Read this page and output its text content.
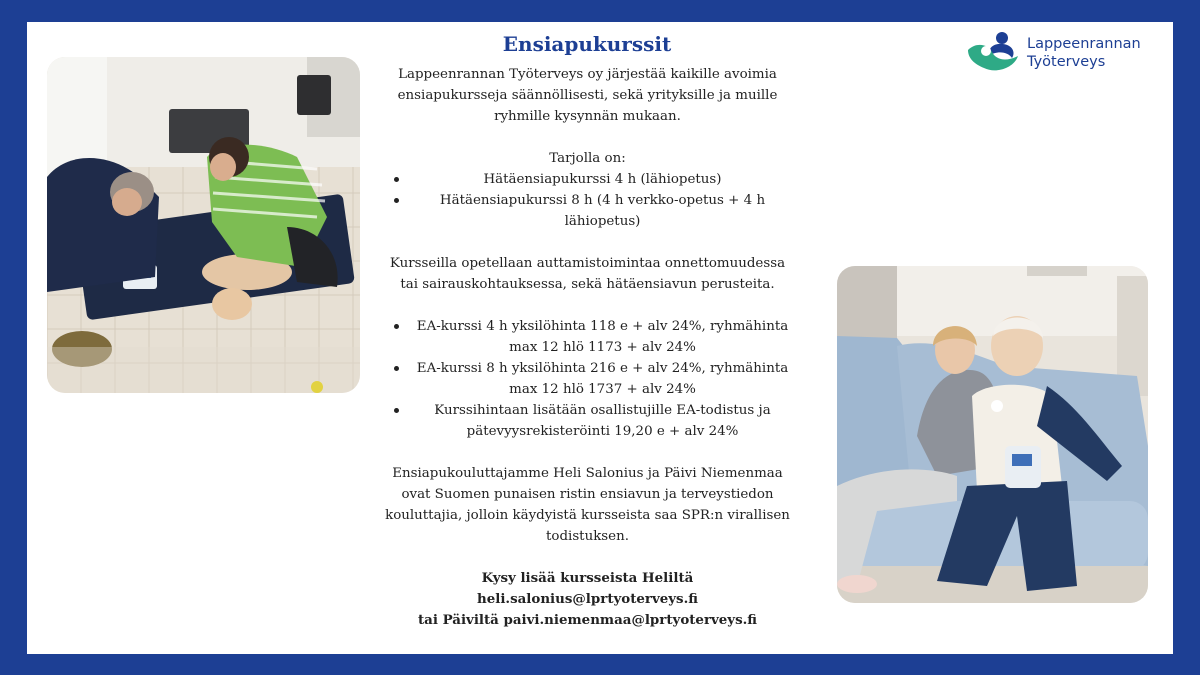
Ensiapukurssit	Lappeenrannan
Työterveys

Lappeenrannan Työterveys oy järjestää kaikille avoimia ensiapukursseja säännöllisesti, sekä yrityksille ja muille ryhmille kysynnän mukaan.

Tarjolla on:

Hätäensiapukurssi 4 h (lähiopetus)
Hätäensiapukurssi 8 h (4 h verkko-opetus + 4 h lähiopetus)

Kursseilla opetellaan auttamistoimintaa onnettomuudessa tai sairauskohtauksessa, sekä hätäensiavun perusteita.

EA-kurssi 4 h yksilöhinta 118 e + alv 24%, ryhmähinta max 12 hlö 1173 + alv 24%
EA-kurssi 8 h yksilöhinta 216 e + alv 24%, ryhmähinta max 12 hlö 1737 + alv 24%
Kurssihintaan lisätään osallistujille EA-todistus ja pätevyysrekisteröinti 19,20 e + alv 24%

Ensiapukouluttajamme Heli Salonius ja Päivi Niemenmaa ovat Suomen punaisen ristin ensiavun ja terveystiedon kouluttajia, jolloin käydyistä kursseista saa SPR:n virallisen todistuksen.

Kysy lisää kursseista Heliltä

heli.salonius@lprtyoterveys.fi

tai Päiviltä paivi.niemenmaa@lprtyoterveys.fi
